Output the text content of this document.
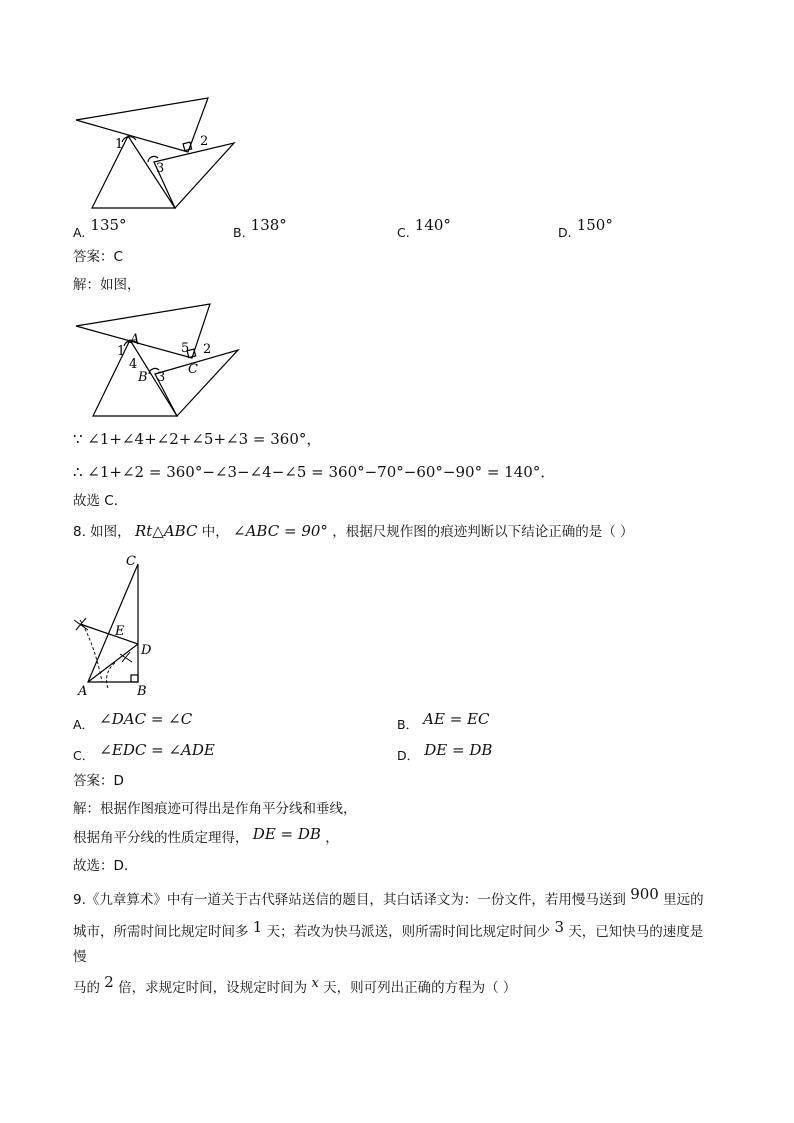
1	2
3
A. 135°	B. 138°	C. 140°	D. 150°
答案：C
解：如图，
A
1
4
5 2
C
B 3
∵ ∠1+∠4+∠2+∠5+∠3 = 360°，
∴ ∠1+∠2 = 360°−∠3−∠4−∠5 = 360°−70°−60°−90° = 140°．
故选 C．
8. 如图， Rt△ABC 中， ∠ABC = 90° ，根据尺规作图的痕迹判断以下结论正确的是（ ）
C
E
D
A	B
A． ∠DAC = ∠C	B． AE = EC
C． ∠EDC = ∠ADE	D． DE = DB
答案：D
解：根据作图痕迹可得出是作角平分线和垂线，
根据角平分线的性质定理得， DE = DB ，
故选：D．
9.《九章算术》中有一道关于古代驿站送信的题目，其白话译文为：一份文件，若用慢马送到 900 里远的
城市，所需时间比规定时间多 1 天；若改为快马派送，则所需时间比规定时间少 3 天，已知快马的速度是
慢
马的 2 倍，求规定时间，设规定时间为 x 天，则可列出正确的方程为（ ）
